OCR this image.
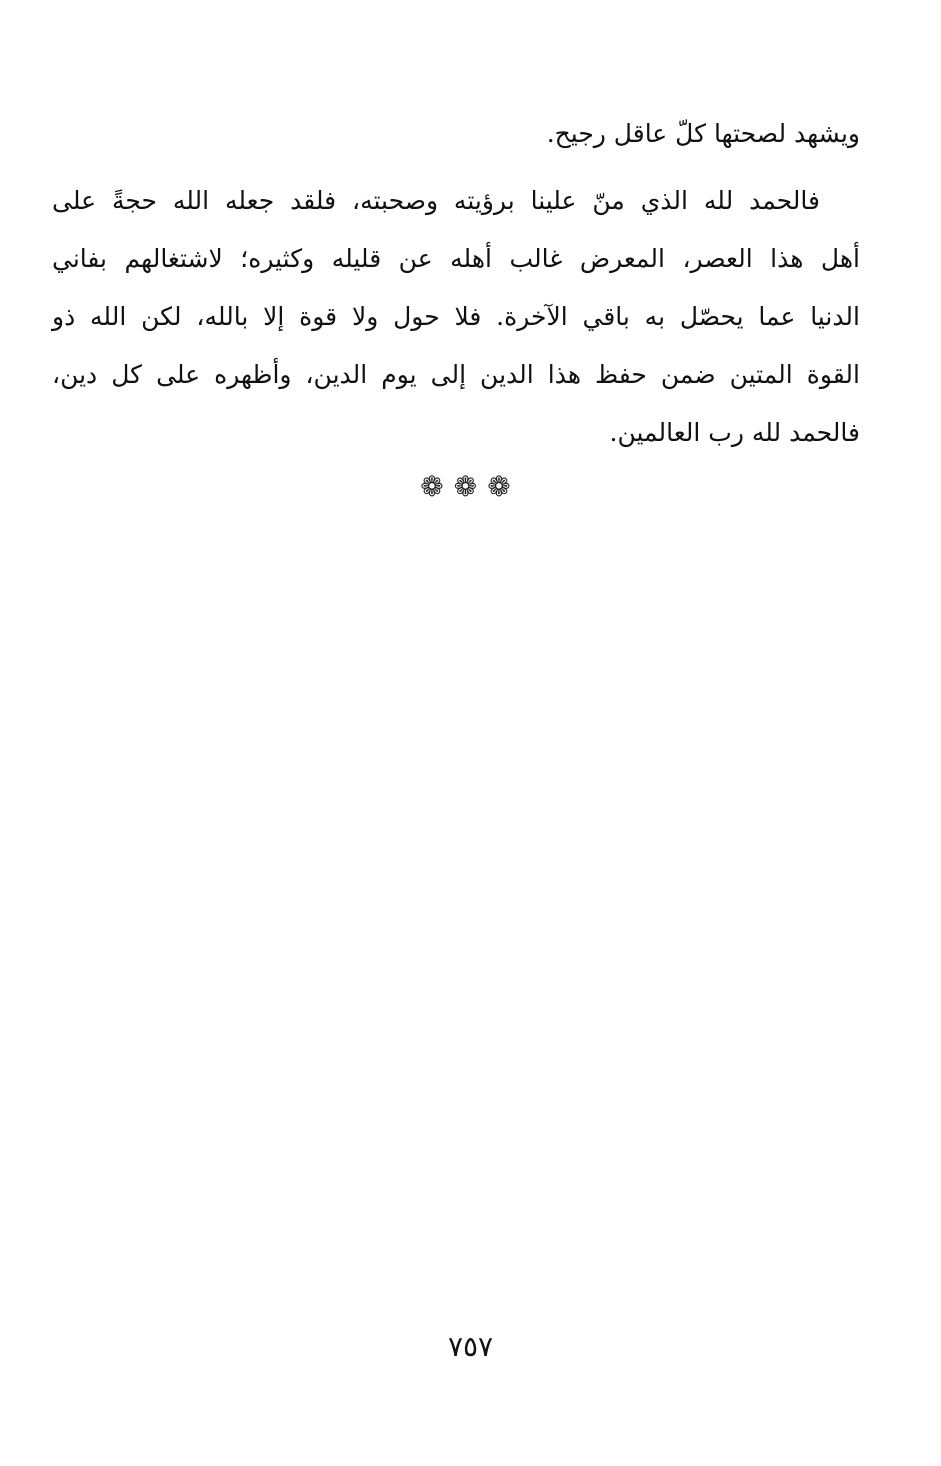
ويشهد لصحتها كلّ عاقل رجيح.
فالحمد لله الذي منّ علينا برؤيته وصحبته، فلقد جعله الله حجةً على
أهل هذا العصر، المعرض غالب أهله عن قليله وكثيره؛ لاشتغالهم بفاني
الدنيا عما يحصّل به باقي الآخرة. فلا حول ولا قوة إلا بالله، لكن الله ذو
القوة المتين ضمن حفظ هذا الدين إلى يوم الدين، وأظهره على كل دين،
فالحمد لله رب العالمين.
❁❁❁
٧٥٧
